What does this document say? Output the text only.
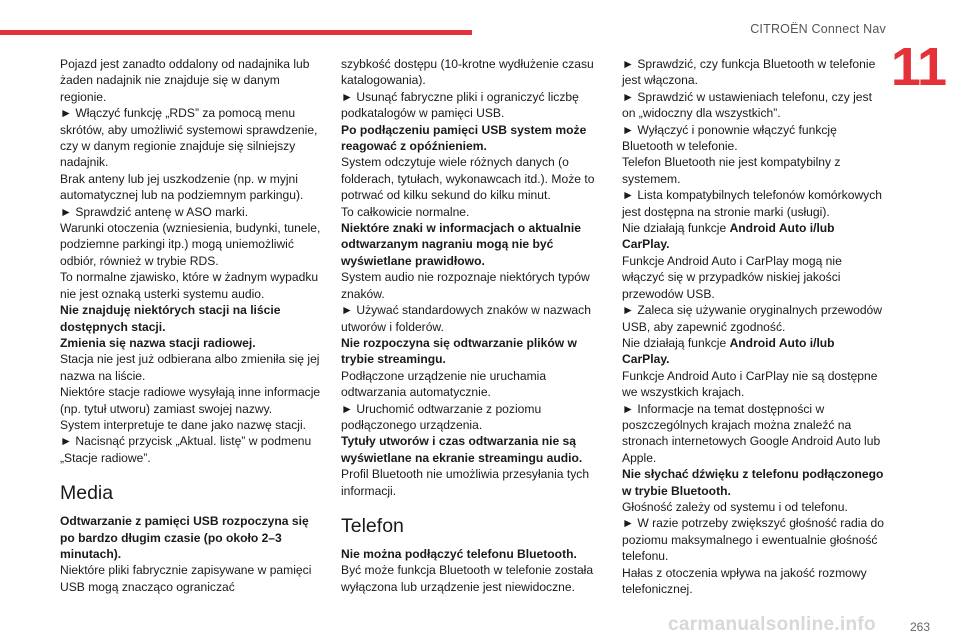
CITROËN Connect Nav
11

Pojazd jest zanadto oddalony od nadajnika lub żaden nadajnik nie znajduje się w danym regionie.

► Włączyć funkcję „RDS” za pomocą menu skrótów, aby umożliwić systemowi sprawdzenie, czy w danym regionie znajduje się silniejszy nadajnik.

Brak anteny lub jej uszkodzenie (np. w myjni automatycznej lub na podziemnym parkingu).

► Sprawdzić antenę w ASO marki.

Warunki otoczenia (wzniesienia, budynki, tunele, podziemne parkingi itp.) mogą uniemożliwić odbiór, również w trybie RDS.

To normalne zjawisko, które w żadnym wypadku nie jest oznaką usterki systemu audio.

Nie znajduję niektórych stacji na liście dostępnych stacji.

Zmienia się nazwa stacji radiowej.

Stacja nie jest już odbierana albo zmieniła się jej nazwa na liście.

Niektóre stacje radiowe wysyłają inne informacje (np. tytuł utworu) zamiast swojej nazwy.

System interpretuje te dane jako nazwę stacji.

► Nacisnąć przycisk „Aktual. listę” w podmenu „Stacje radiowe”.

Media

Odtwarzanie z pamięci USB rozpoczyna się po bardzo długim czasie (po około 2–3 minutach).

Niektóre pliki fabrycznie zapisywane w pamięci USB mogą znacząco ograniczać

szybkość dostępu (10-krotne wydłużenie czasu katalogowania).

► Usunąć fabryczne pliki i ograniczyć liczbę podkatalogów w pamięci USB.

Po podłączeniu pamięci USB system może reagować z opóźnieniem.

System odczytuje wiele różnych danych (o folderach, tytułach, wykonawcach itd.). Może to potrwać od kilku sekund do kilku minut.

To całkowicie normalne.

Niektóre znaki w informacjach o aktualnie odtwarzanym nagraniu mogą nie być wyświetlane prawidłowo.

System audio nie rozpoznaje niektórych typów znaków.

► Używać standardowych znaków w nazwach utworów i folderów.

Nie rozpoczyna się odtwarzanie plików w trybie streamingu.

Podłączone urządzenie nie uruchamia odtwarzania automatycznie.

► Uruchomić odtwarzanie z poziomu podłączonego urządzenia.

Tytuły utworów i czas odtwarzania nie są wyświetlane na ekranie streamingu audio.

Profil Bluetooth nie umożliwia przesyłania tych informacji.

Telefon

Nie można podłączyć telefonu Bluetooth.

Być może funkcja Bluetooth w telefonie została wyłączona lub urządzenie jest niewidoczne.

► Sprawdzić, czy funkcja Bluetooth w telefonie jest włączona.

► Sprawdzić w ustawieniach telefonu, czy jest on „widoczny dla wszystkich”.

► Wyłączyć i ponownie włączyć funkcję Bluetooth w telefonie.

Telefon Bluetooth nie jest kompatybilny z systemem.

► Lista kompatybilnych telefonów komórkowych jest dostępna na stronie marki (usługi).

Nie działają funkcje Android Auto i/lub CarPlay.

Funkcje Android Auto i CarPlay mogą nie włączyć się w przypadków niskiej jakości przewodów USB.

► Zaleca się używanie oryginalnych przewodów USB, aby zapewnić zgodność.

Nie działają funkcje Android Auto i/lub CarPlay.

Funkcje Android Auto i CarPlay nie są dostępne we wszystkich krajach.

► Informacje na temat dostępności w poszczególnych krajach można znaleźć na stronach internetowych Google Android Auto lub Apple.

Nie słychać dźwięku z telefonu podłączonego w trybie Bluetooth.

Głośność zależy od systemu i od telefonu.

► W razie potrzeby zwiększyć głośność radia do poziomu maksymalnego i ewentualnie głośność telefonu.

Hałas z otoczenia wpływa na jakość rozmowy telefonicznej.

carmanualsonline.info	263
